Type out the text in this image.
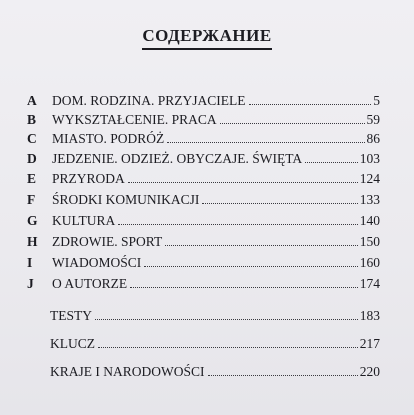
СОДЕРЖАНИЕ
A	DOM. RODZINA. PRZYJACIELE	5
B	WYKSZTAŁCENIE. PRACA	59
C	MIASTO. PODRÓŻ	86
D	JEDZENIE. ODZIEŻ. OBYCZAJE. ŚWIĘTA	103
E	PRZYRODA	124
F	ŚRODKI KOMUNIKACJI	133
G	KULTURA	140
H	ZDROWIE. SPORT	150
I	WIADOMOŚCI	160
J	O AUTORZE	174
TESTY	183
KLUCZ	217
KRAJE I NARODOWOŚCI	220
